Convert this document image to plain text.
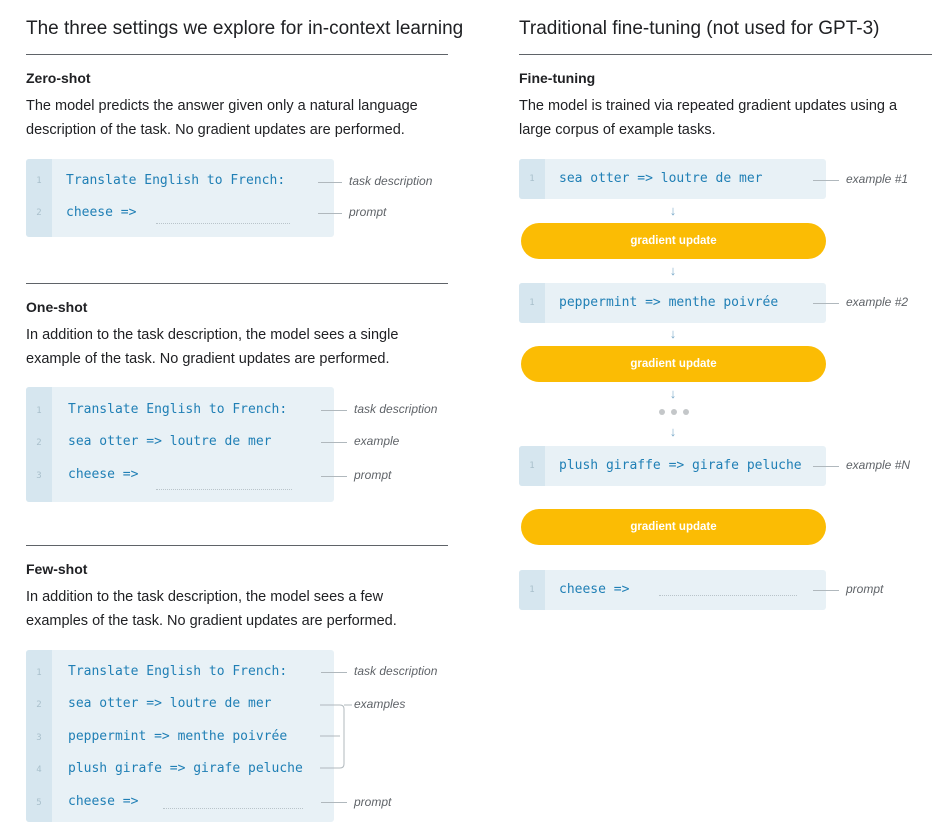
The three settings we explore for in-context learning
Zero-shot
The model predicts the answer given only a natural language
description of the task. No gradient updates are performed.
1
2
Translate English to French:
cheese =>
task description
prompt
One-shot
In addition to the task description, the model sees a single
example of the task. No gradient updates are performed.
1
2
3
Translate English to French:
sea otter => loutre de mer
cheese =>
task description
example
prompt
Few-shot
In addition to the task description, the model sees a few
examples of the task. No gradient updates are performed.
1
2
3
4
5
Translate English to French:
sea otter => loutre de mer
peppermint => menthe poivrée
plush girafe => girafe peluche
cheese =>
task description
examples
prompt
Traditional fine-tuning (not used for GPT-3)
Fine-tuning
The model is trained via repeated gradient updates using a
large corpus of example tasks.
1	sea otter => loutre de mer	example #1
↓
gradient update
↓
1	peppermint => menthe poivrée	example #2
↓
gradient update
↓
↓
1	plush giraffe => girafe peluche	example #N
gradient update
1	cheese =>	prompt
